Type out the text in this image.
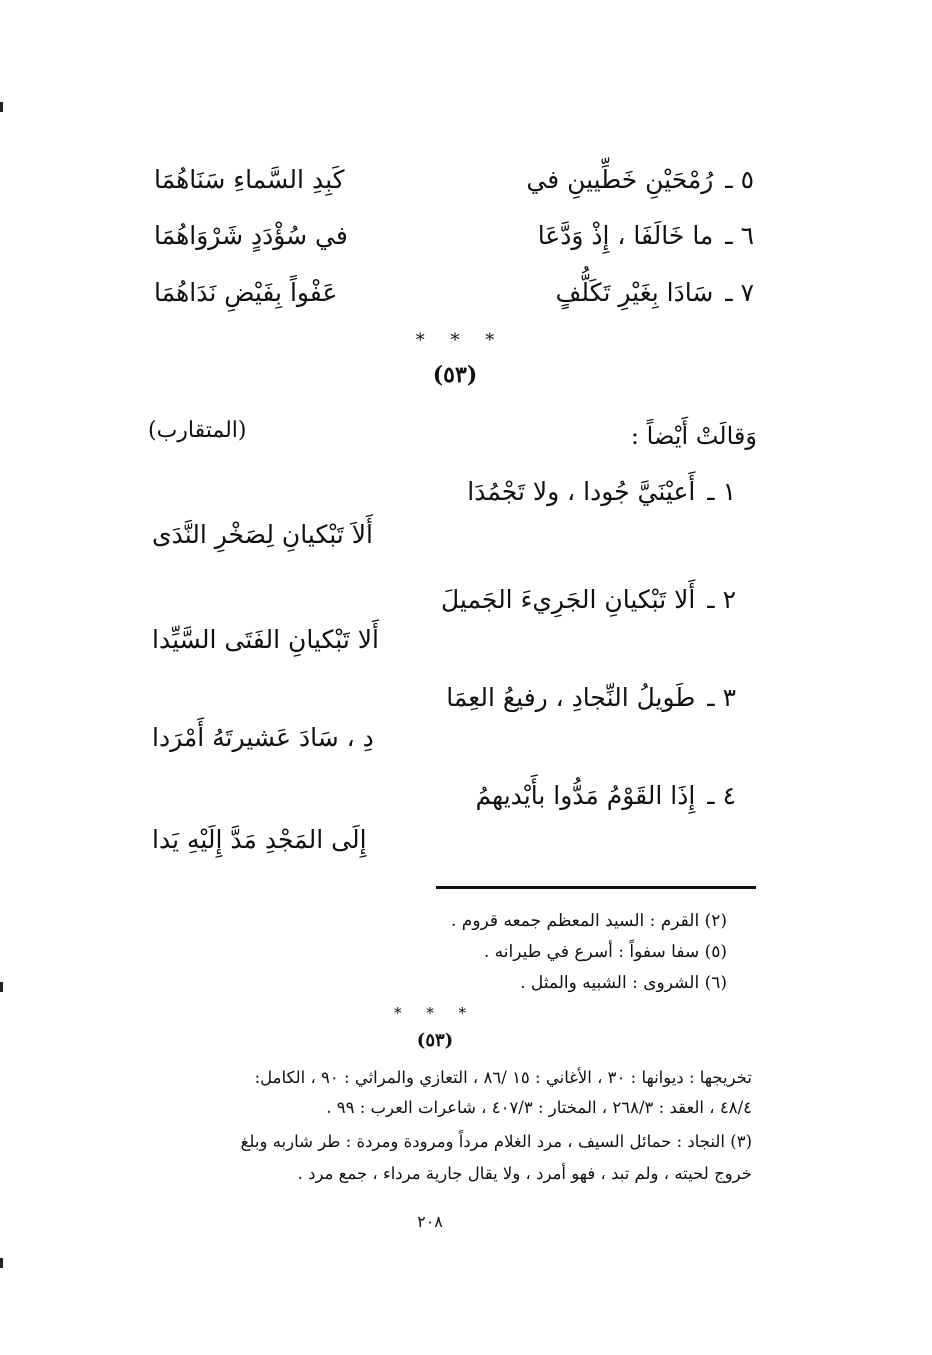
٥ ـ رُمْحَيْنِ خَطِّيينِ في
كَبِدِ السَّماءِ سَنَاهُمَا
٦ ـ ما خَالَفَا ، إِذْ وَدَّعَا
في سُؤْدَدٍ شَرْوَاهُمَا
٧ ـ سَادَا بِغَيْرِ تَكَلُّفٍ
عَفْواً بِفَيْضِ نَدَاهُمَا
* * *
(٥٣)
وَقالَتْ أَيْضاً :
(المتقارب)
١ ـ أَعيْنَيَّ جُودا ، ولا تَجْمُدَا
أَلاَ تَبْكيانِ لِصَخْرِ النَّدَى
٢ ـ أَلا تَبْكيانِ الجَرِيءَ الجَميلَ
أَلا تَبْكيانِ الفَتَى السَّيِّدا
٣ ـ طَويلُ النِّجادِ ، رفيعُ العِمَا
دِ ، سَادَ عَشيرتَهُ أَمْرَدا
٤ ـ إِذَا القَوْمُ مَدُّوا بأَيْديهمُ
إِلَى المَجْدِ مَدَّ إِلَيْهِ يَدا
(٢) القرم : السيد المعظم جمعه قروم .
(٥) سفا سفواً : أسرع في طيرانه .
(٦) الشروى : الشبيه والمثل .
* * *
(٥٣)
تخريجها : ديوانها : ٣٠ ، الأغاني : ١٥ /٨٦ ، التعازي والمراثي : ٩٠ ، الكامل:
٤٨/٤ ، العقد : ٢٦٨/٣ ، المختار : ٤٠٧/٣ ، شاعرات العرب : ٩٩ .
(٣) النجاد : حمائل السيف ، مرد الغلام مرداً ومرودة ومردة : طر شاربه وبلغ
خروج لحيته ، ولم تبد ، فهو أمرد ، ولا يقال جارية مرداء ، جمع مرد .
٢٠٨
